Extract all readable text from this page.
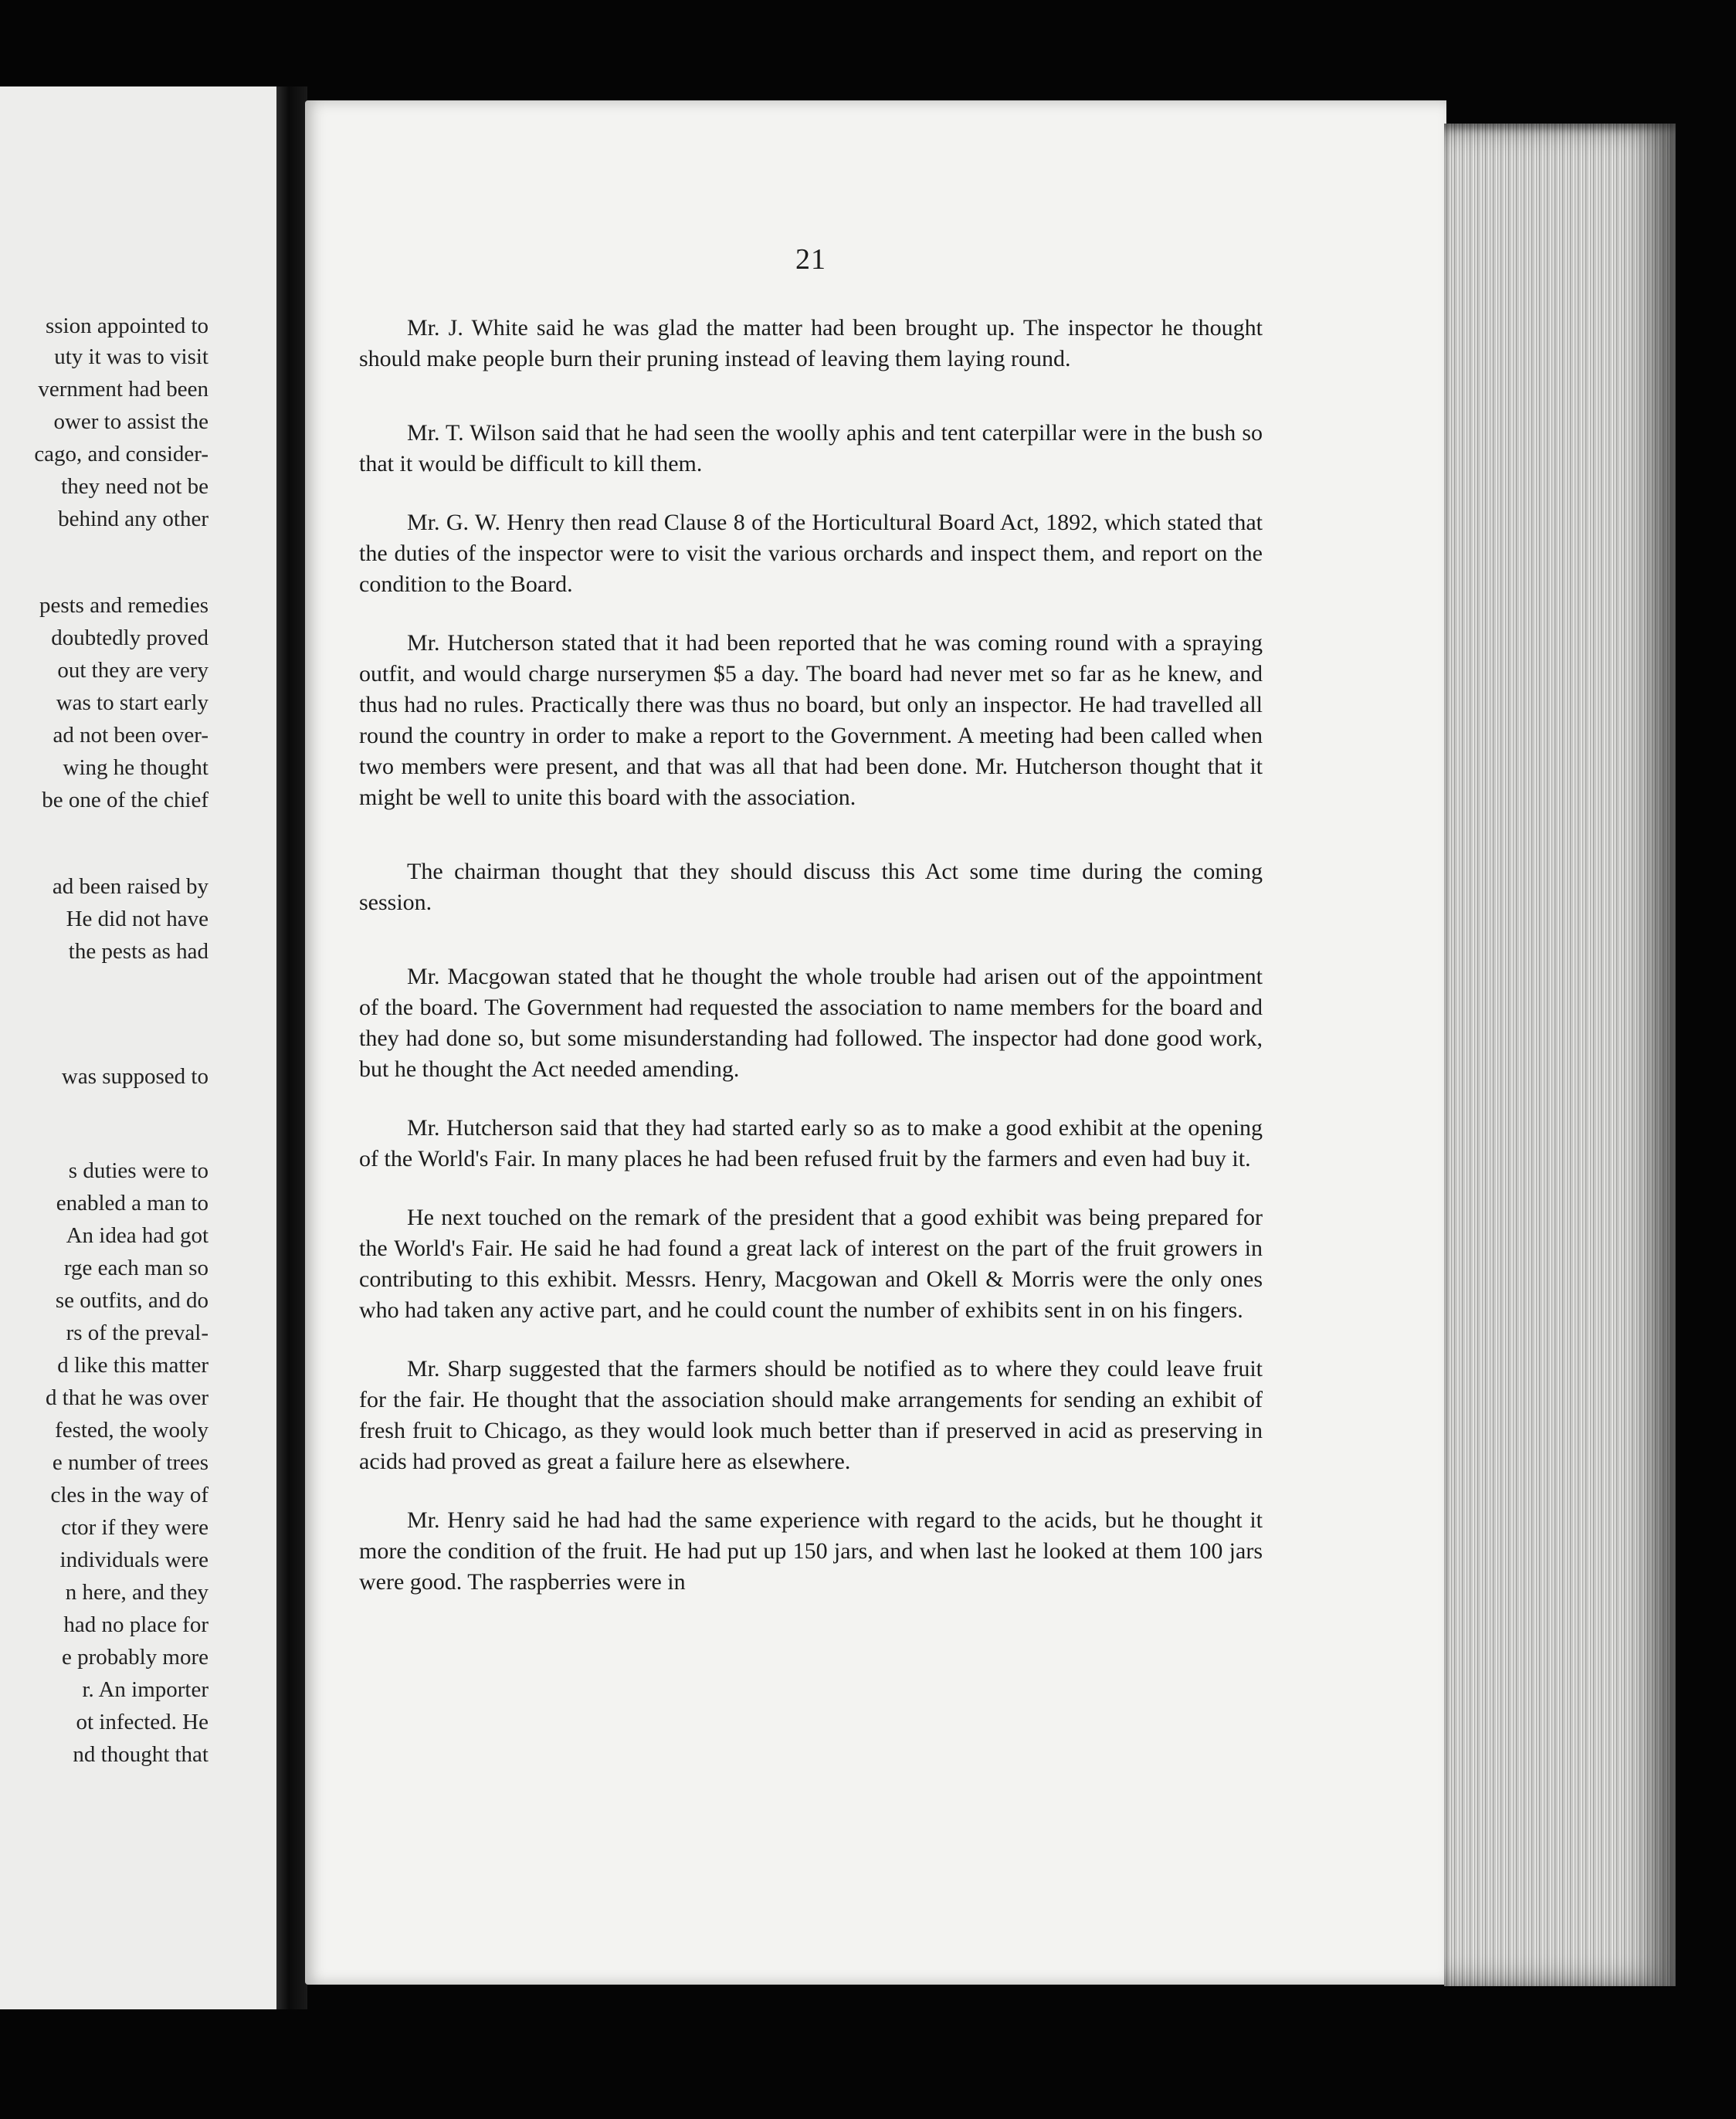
ssion appointed to
uty it was to visit
vernment had been
ower to assist the
cago, and consider-
they need not be
behind any other
pests and remedies
doubtedly proved
out they are very
was to start early
ad not been over-
wing he thought
be one of the chief
ad been raised by
He did not have
the pests as had
was supposed to
s duties were to
enabled a man to
An idea had got
rge each man so
se outfits, and do
rs of the preval-
d like this matter
d that he was over
fested, the wooly
e number of trees
cles in the way of
ctor if they were
individuals were
n here, and they
had no place for
e probably more
r. An importer
ot infected. He
nd thought that
21

Mr. J. White said he was glad the matter had been brought up. The inspector he thought should make people burn their pruning instead of leaving them laying round.

Mr. T. Wilson said that he had seen the woolly aphis and tent caterpillar were in the bush so that it would be difficult to kill them.

Mr. G. W. Henry then read Clause 8 of the Horticultural Board Act, 1892, which stated that the duties of the inspector were to visit the various orchards and inspect them, and report on the condition to the Board.

Mr. Hutcherson stated that it had been reported that he was coming round with a spraying outfit, and would charge nurserymen $5 a day. The board had never met so far as he knew, and thus had no rules. Practically there was thus no board, but only an inspector. He had travelled all round the country in order to make a report to the Government. A meeting had been called when two members were present, and that was all that had been done. Mr. Hutcherson thought that it might be well to unite this board with the association.

The chairman thought that they should discuss this Act some time during the coming session.

Mr. Macgowan stated that he thought the whole trouble had arisen out of the appointment of the board. The Government had requested the association to name members for the board and they had done so, but some misunderstanding had followed. The inspector had done good work, but he thought the Act needed amending.

Mr. Hutcherson said that they had started early so as to make a good exhibit at the opening of the World's Fair. In many places he had been refused fruit by the farmers and even had buy it.

He next touched on the remark of the president that a good exhibit was being prepared for the World's Fair. He said he had found a great lack of interest on the part of the fruit growers in contributing to this exhibit. Messrs. Henry, Macgowan and Okell & Morris were the only ones who had taken any active part, and he could count the number of exhibits sent in on his fingers.

Mr. Sharp suggested that the farmers should be notified as to where they could leave fruit for the fair. He thought that the association should make arrangements for sending an exhibit of fresh fruit to Chicago, as they would look much better than if preserved in acid as preserving in acids had proved as great a failure here as elsewhere.

Mr. Henry said he had had the same experience with regard to the acids, but he thought it more the condition of the fruit. He had put up 150 jars, and when last he looked at them 100 jars were good. The raspberries were in
